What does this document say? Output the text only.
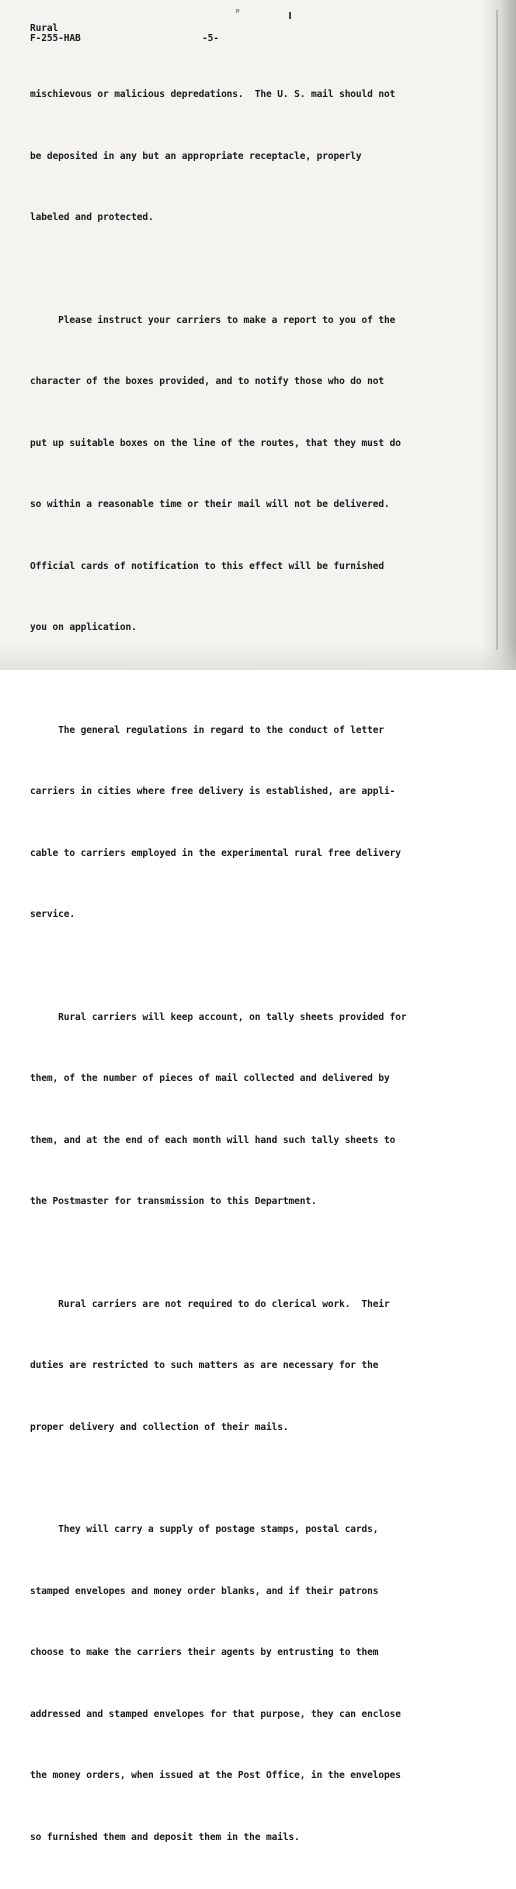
ᵖ
Rural
F-255-HAB	-5-

mischievous or malicious depredations.  The U. S. mail should not

be deposited in any but an appropriate receptacle, properly

labeled and protected.

Please instruct your carriers to make a report to you of the

character of the boxes provided, and to notify those who do not

put up suitable boxes on the line of the routes, that they must do

so within a reasonable time or their mail will not be delivered.

Official cards of notification to this effect will be furnished

you on application.

The general regulations in regard to the conduct of letter

carriers in cities where free delivery is established, are appli-

cable to carriers employed in the experimental rural free delivery

service.

Rural carriers will keep account, on tally sheets provided for

them, of the number of pieces of mail collected and delivered by

them, and at the end of each month will hand such tally sheets to

the Postmaster for transmission to this Department.

Rural carriers are not required to do clerical work.  Their

duties are restricted to such matters as are necessary for the

proper delivery and collection of their mails.

They will carry a supply of postage stamps, postal cards,

stamped envelopes and money order blanks, and if their patrons

choose to make the carriers their agents by entrusting to them

addressed and stamped envelopes for that purpose, they can enclose

the money orders, when issued at the Post Office, in the envelopes

so furnished them and deposit them in the mails.
